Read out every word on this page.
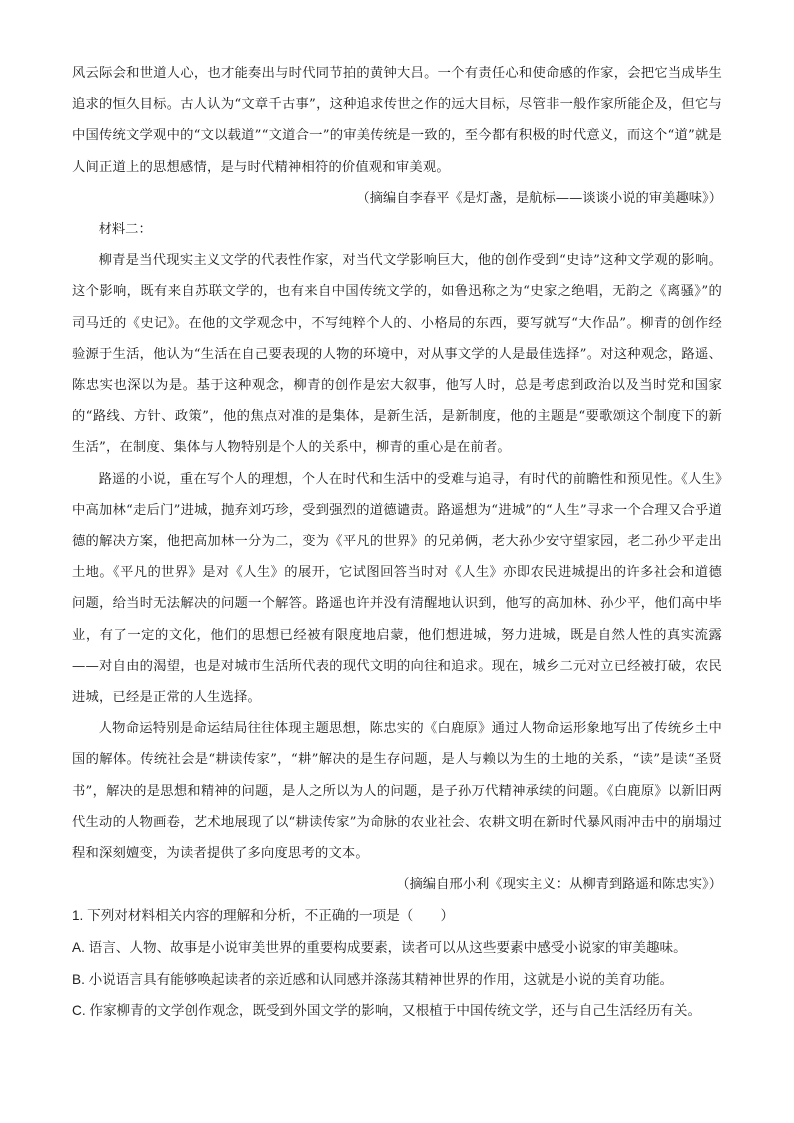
风云际会和世道人心，也才能奏出与时代同节拍的黄钟大吕。一个有责任心和使命感的作家，会把它当成毕生追求的恒久目标。古人认为“文章千古事”，这种追求传世之作的远大目标，尽管非一般作家所能企及，但它与中国传统文学观中的“文以载道”“文道合一”的审美传统是一致的，至今都有积极的时代意义，而这个“道”就是人间正道上的思想感情，是与时代精神相符的价值观和审美观。

（摘编自李春平《是灯盏，是航标——谈谈小说的审美趣味》）

材料二：

柳青是当代现实主义文学的代表性作家，对当代文学影响巨大，他的创作受到“史诗”这种文学观的影响。这个影响，既有来自苏联文学的，也有来自中国传统文学的，如鲁迅称之为“史家之绝唱，无韵之《离骚》”的司马迁的《史记》。在他的文学观念中，不写纯粹个人的、小格局的东西，要写就写“大作品”。柳青的创作经验源于生活，他认为“生活在自己要表现的人物的环境中，对从事文学的人是最佳选择”。对这种观念，路遥、陈忠实也深以为是。基于这种观念，柳青的创作是宏大叙事，他写人时，总是考虑到政治以及当时党和国家的“路线、方针、政策”，他的焦点对准的是集体，是新生活，是新制度，他的主题是“要歌颂这个制度下的新生活”，在制度、集体与人物特别是个人的关系中，柳青的重心是在前者。

路遥的小说，重在写个人的理想，个人在时代和生活中的受难与追寻，有时代的前瞻性和预见性。《人生》中高加林“走后门”进城，抛弃刘巧珍，受到强烈的道德谴责。路遥想为“进城”的“人生”寻求一个合理又合乎道德的解决方案，他把高加林一分为二，变为《平凡的世界》的兄弟俩，老大孙少安守望家园，老二孙少平走出土地。《平凡的世界》是对《人生》的展开，它试图回答当时对《人生》亦即农民进城提出的许多社会和道德问题，给当时无法解决的问题一个解答。路遥也许并没有清醒地认识到，他写的高加林、孙少平，他们高中毕业，有了一定的文化，他们的思想已经被有限度地启蒙，他们想进城，努力进城，既是自然人性的真实流露——对自由的渴望，也是对城市生活所代表的现代文明的向往和追求。现在，城乡二元对立已经被打破，农民进城，已经是正常的人生选择。

人物命运特别是命运结局往往体现主题思想，陈忠实的《白鹿原》通过人物命运形象地写出了传统乡土中国的解体。传统社会是“耕读传家”，“耕”解决的是生存问题，是人与赖以为生的土地的关系，“读”是读“圣贤书”，解决的是思想和精神的问题，是人之所以为人的问题，是子孙万代精神承续的问题。《白鹿原》以新旧两代生动的人物画卷，艺术地展现了以“耕读传家”为命脉的农业社会、农耕文明在新时代暴风雨冲击中的崩塌过程和深刻嬗变，为读者提供了多向度思考的文本。

（摘编自邢小利《现实主义：从柳青到路遥和陈忠实》）

1. 下列对材料相关内容的理解和分析，不正确的一项是（　　）

A. 语言、人物、故事是小说审美世界的重要构成要素，读者可以从这些要素中感受小说家的审美趣味。

B. 小说语言具有能够唤起读者的亲近感和认同感并涤荡其精神世界的作用，这就是小说的美育功能。

C. 作家柳青的文学创作观念，既受到外国文学的影响，又根植于中国传统文学，还与自己生活经历有关。
